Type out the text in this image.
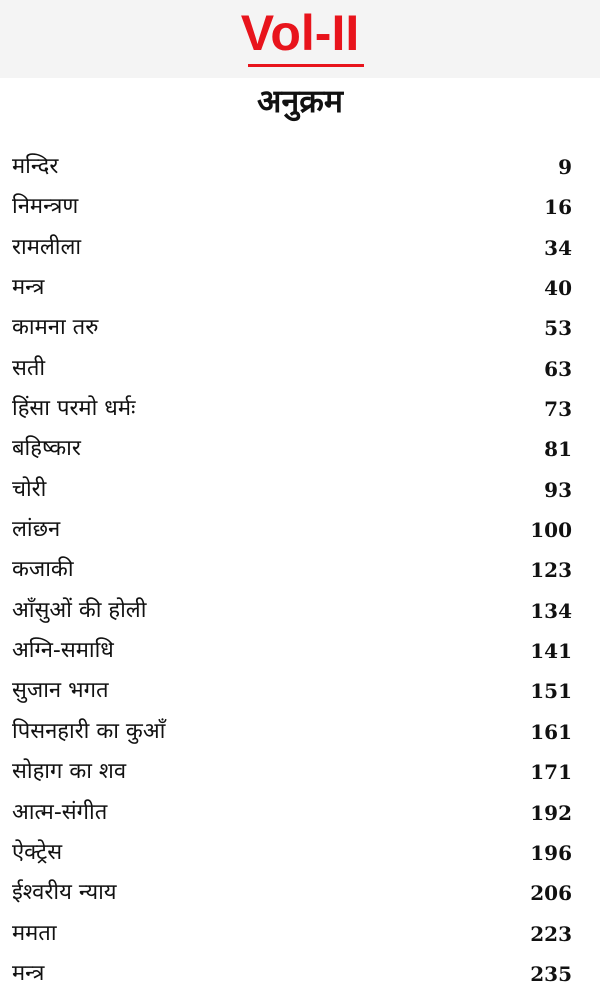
Vol-II
अनुक्रम
मन्दिर	9
निमन्त्रण	16
रामलीला	34
मन्त्र	40
कामना तरु	53
सती	63
हिंसा परमो धर्मः	73
बहिष्कार	81
चोरी	93
लांछन	100
कजाकी	123
आँसुओं की होली	134
अग्नि-समाधि	141
सुजान भगत	151
पिसनहारी का कुआँ	161
सोहाग का शव	171
आत्म-संगीत	192
ऐक्ट्रेस	196
ईश्वरीय न्याय	206
ममता	223
मन्त्र	235
